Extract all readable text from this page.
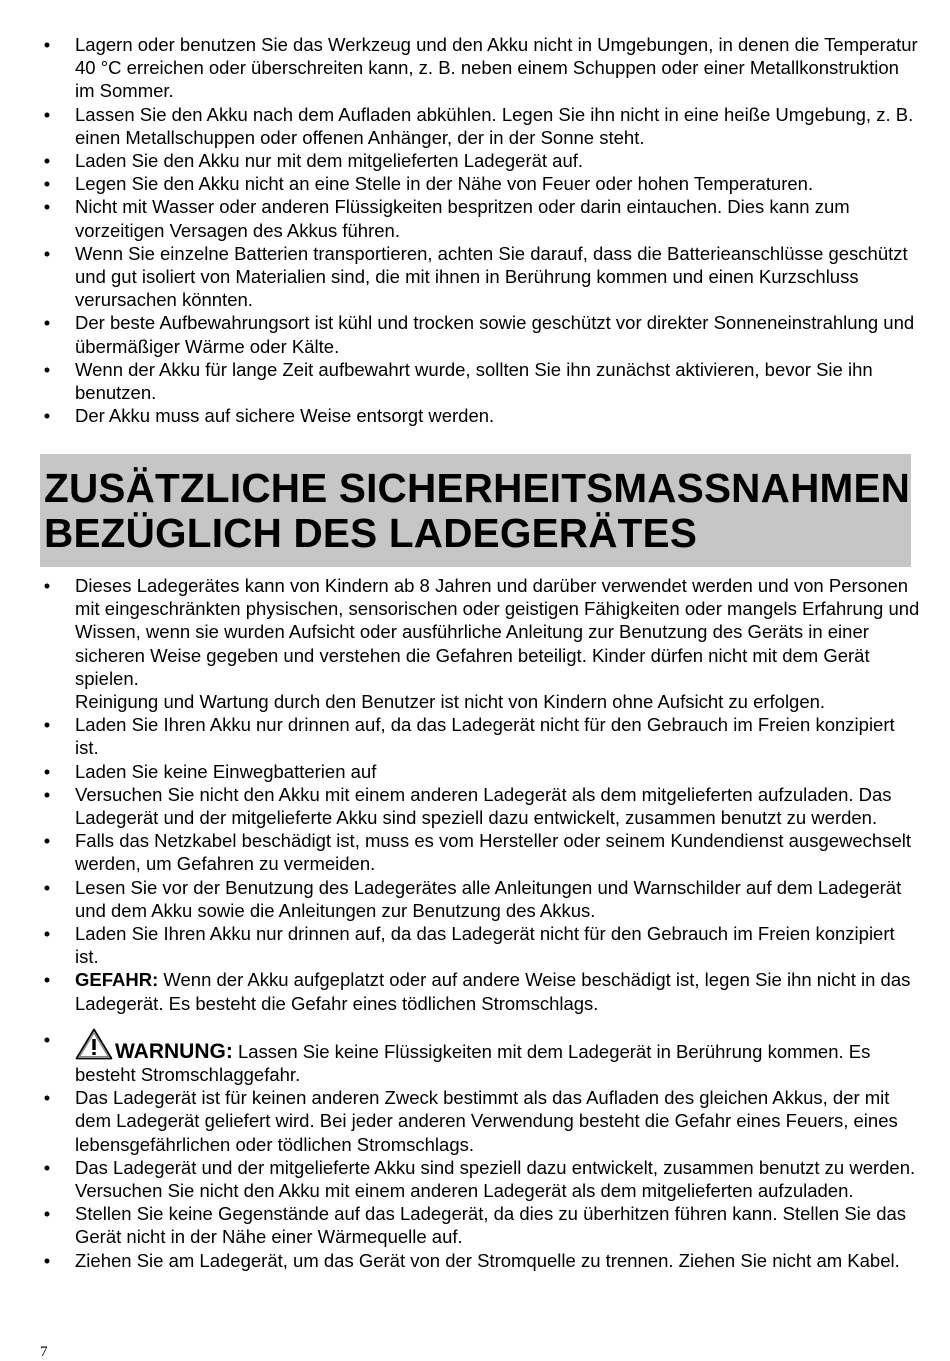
• Lagern oder benutzen Sie das Werkzeug und den Akku nicht in Umgebungen, in denen die Temperatur 40 °C erreichen oder überschreiten kann, z. B. neben einem Schuppen oder einer Metallkonstruktion im Sommer.
• Lassen Sie den Akku nach dem Aufladen abkühlen. Legen Sie ihn nicht in eine heiße Umgebung, z. B. einen Metallschuppen oder offenen Anhänger, der in der Sonne steht.
• Laden Sie den Akku nur mit dem mitgelieferten Ladegerät auf.
• Legen Sie den Akku nicht an eine Stelle in der Nähe von Feuer oder hohen Temperaturen.
• Nicht mit Wasser oder anderen Flüssigkeiten bespritzen oder darin eintauchen. Dies kann zum vorzeitigen Versagen des Akkus führen.
• Wenn Sie einzelne Batterien transportieren, achten Sie darauf, dass die Batterieanschlüsse geschützt und gut isoliert von Materialien sind, die mit ihnen in Berührung kommen und einen Kurzschluss verursachen könnten.
• Der beste Aufbewahrungsort ist kühl und trocken sowie geschützt vor direkter Sonneneinstrahlung und übermäßiger Wärme oder Kälte.
• Wenn der Akku für lange Zeit aufbewahrt wurde, sollten Sie ihn zunächst aktivieren, bevor Sie ihn benutzen.
• Der Akku muss auf sichere Weise entsorgt werden.
ZUSÄTZLICHE SICHERHEITSMASSNAHMEN
BEZÜGLICH DES LADEGERÄTES
• Dieses Ladegerätes kann von Kindern ab 8 Jahren und darüber verwendet werden und von Personen mit eingeschränkten physischen, sensorischen oder geistigen Fähigkeiten oder mangels Erfahrung und Wissen, wenn sie wurden Aufsicht oder ausführliche Anleitung zur Benutzung des Geräts in einer sicheren Weise gegeben und verstehen die Gefahren beteiligt. Kinder dürfen nicht mit dem Gerät spielen.
Reinigung und Wartung durch den Benutzer ist nicht von Kindern ohne Aufsicht zu erfolgen.
• Laden Sie Ihren Akku nur drinnen auf, da das Ladegerät nicht für den Gebrauch im Freien konzipiert ist.
• Laden Sie keine Einwegbatterien auf
• Versuchen Sie nicht den Akku mit einem anderen Ladegerät als dem mitgelieferten aufzuladen. Das Ladegerät und der mitgelieferte Akku sind speziell dazu entwickelt, zusammen benutzt zu werden.
• Falls das Netzkabel beschädigt ist, muss es vom Hersteller oder seinem Kundendienst ausgewechselt werden, um Gefahren zu vermeiden.
• Lesen Sie vor der Benutzung des Ladegerätes alle Anleitungen und Warnschilder auf dem Ladegerät und dem Akku sowie die Anleitungen zur Benutzung des Akkus.
• Laden Sie Ihren Akku nur drinnen auf, da das Ladegerät nicht für den Gebrauch im Freien konzipiert ist.
• GEFAHR: Wenn der Akku aufgeplatzt oder auf andere Weise beschädigt ist, legen Sie ihn nicht in das Ladegerät. Es besteht die Gefahr eines tödlichen Stromschlags.
•
WARNUNG: Lassen Sie keine Flüssigkeiten mit dem Ladegerät in Berührung kommen. Es besteht Stromschlaggefahr.
• Das Ladegerät ist für keinen anderen Zweck bestimmt als das Aufladen des gleichen Akkus, der mit dem Ladegerät geliefert wird. Bei jeder anderen Verwendung besteht die Gefahr eines Feuers, eines lebensgefährlichen oder tödlichen Stromschlags.
• Das Ladegerät und der mitgelieferte Akku sind speziell dazu entwickelt, zusammen benutzt zu werden. Versuchen Sie nicht den Akku mit einem anderen Ladegerät als dem mitgelieferten aufzuladen.
• Stellen Sie keine Gegenstände auf das Ladegerät, da dies zu überhitzen führen kann. Stellen Sie das Gerät nicht in der Nähe einer Wärmequelle auf.
• Ziehen Sie am Ladegerät, um das Gerät von der Stromquelle zu trennen. Ziehen Sie nicht am Kabel.
7
